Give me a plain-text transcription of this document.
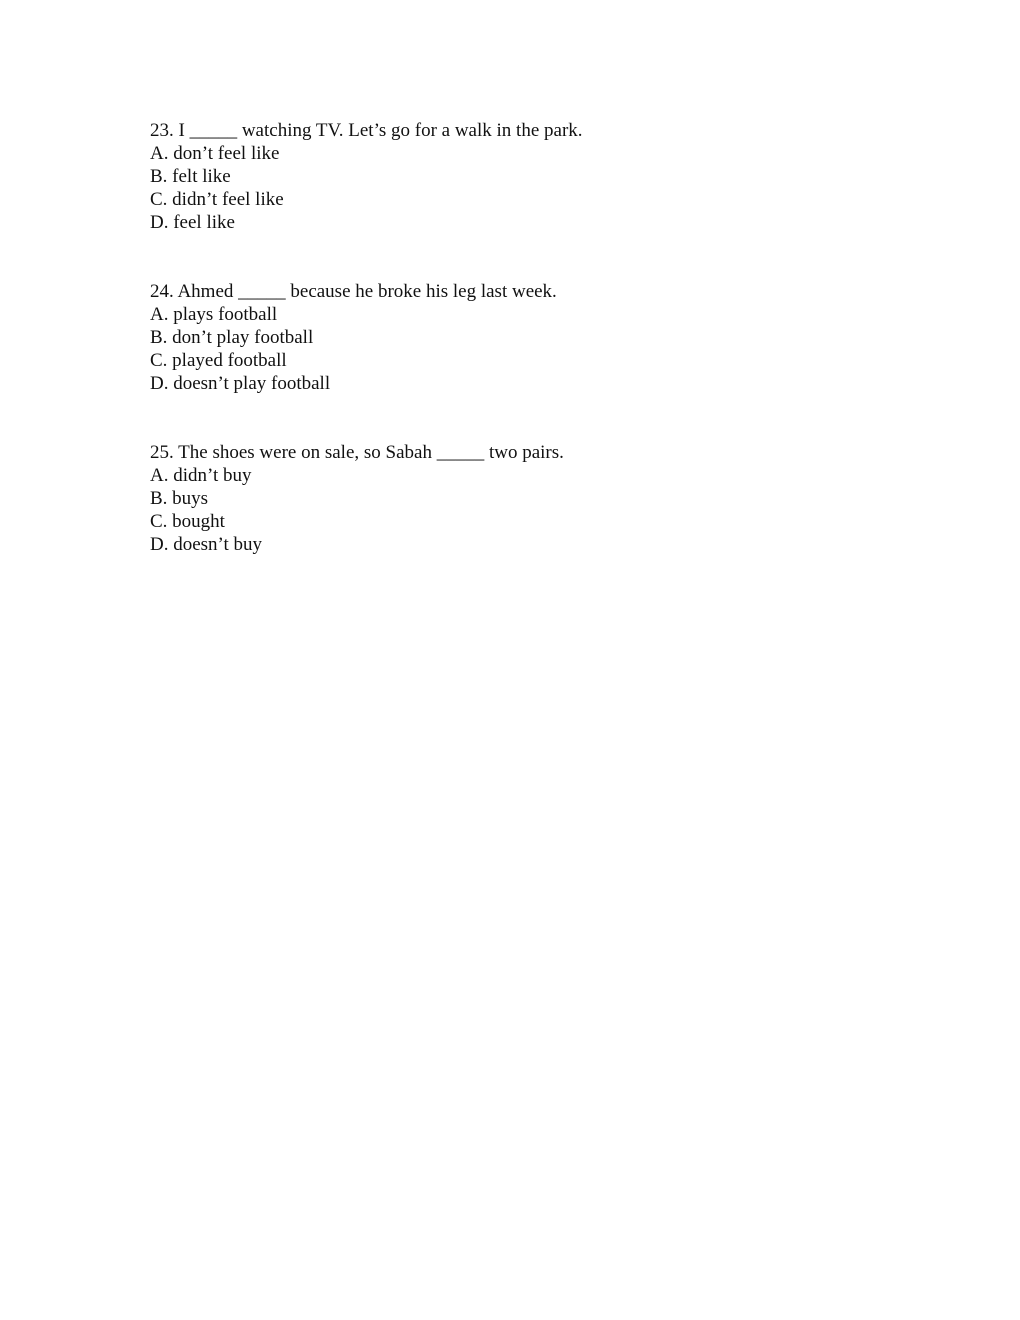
23. I _____ watching TV. Let’s go for a walk in the park.

A. don’t feel like

B. felt like

C. didn’t feel like

D. feel like

24. Ahmed _____ because he broke his leg last week.

A. plays football

B. don’t play football

C. played football

D. doesn’t play football

25. The shoes were on sale, so Sabah _____ two pairs.

A. didn’t buy

B. buys

C. bought

D. doesn’t buy
